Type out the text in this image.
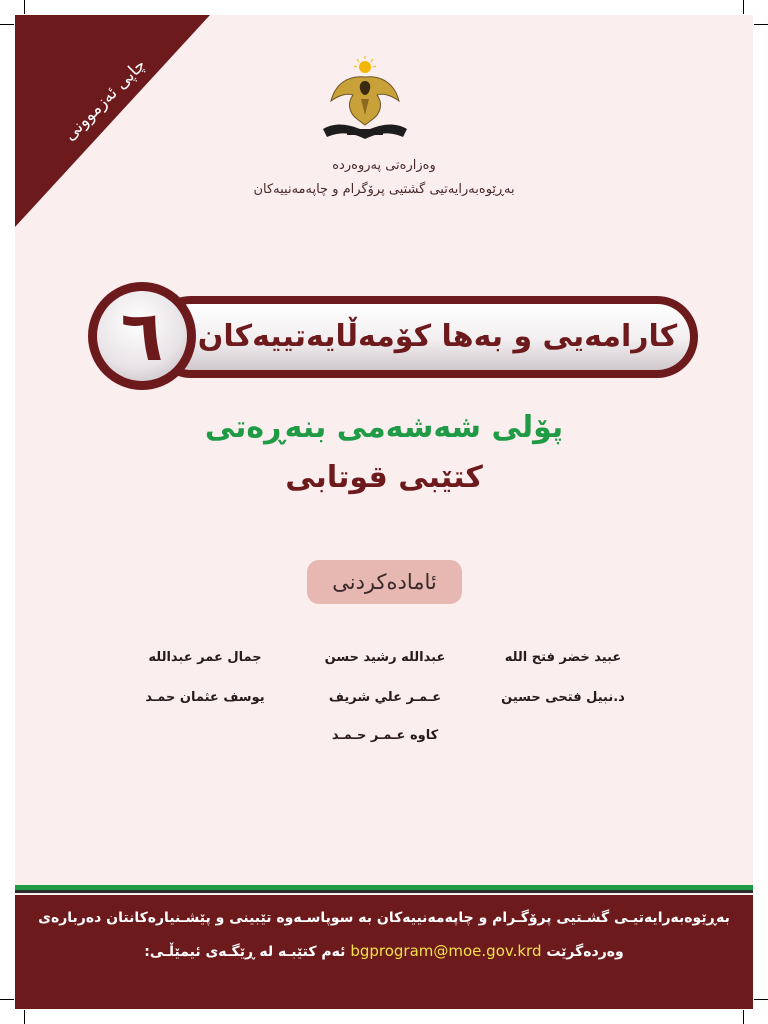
چاپی ئەزموونی
وەزارەتی پەروەردە
بەڕێوەبەرایەتیی گشتیی پرۆگرام و چاپەمەنییەکان
کارامەیی و بەها کۆمەڵایەتییەکان
٦
پۆلی شەشەمی بنەڕەتی
کتێبی قوتابی
ئامادەکردنی
عبید خضر فتح الله
عبدالله رشید حسن
جمال عمر عبدالله
د.نبیل فتحی حسین
عـمـر علي شریف
یوسف عثمان حمـد
کاوە عـمـر حـمـد
بەڕێوەبەرایەتیـی گشـتیی پرۆگـرام و چاپەمەنییەکان بە سوپاسـەوە تێبینی و پێشـنیارەکانتان دەربارەی
ئەم کتێبـە لە ڕێگـەی ئیمێڵـی: bgprogram@moe.gov.krd وەردەگرێت
